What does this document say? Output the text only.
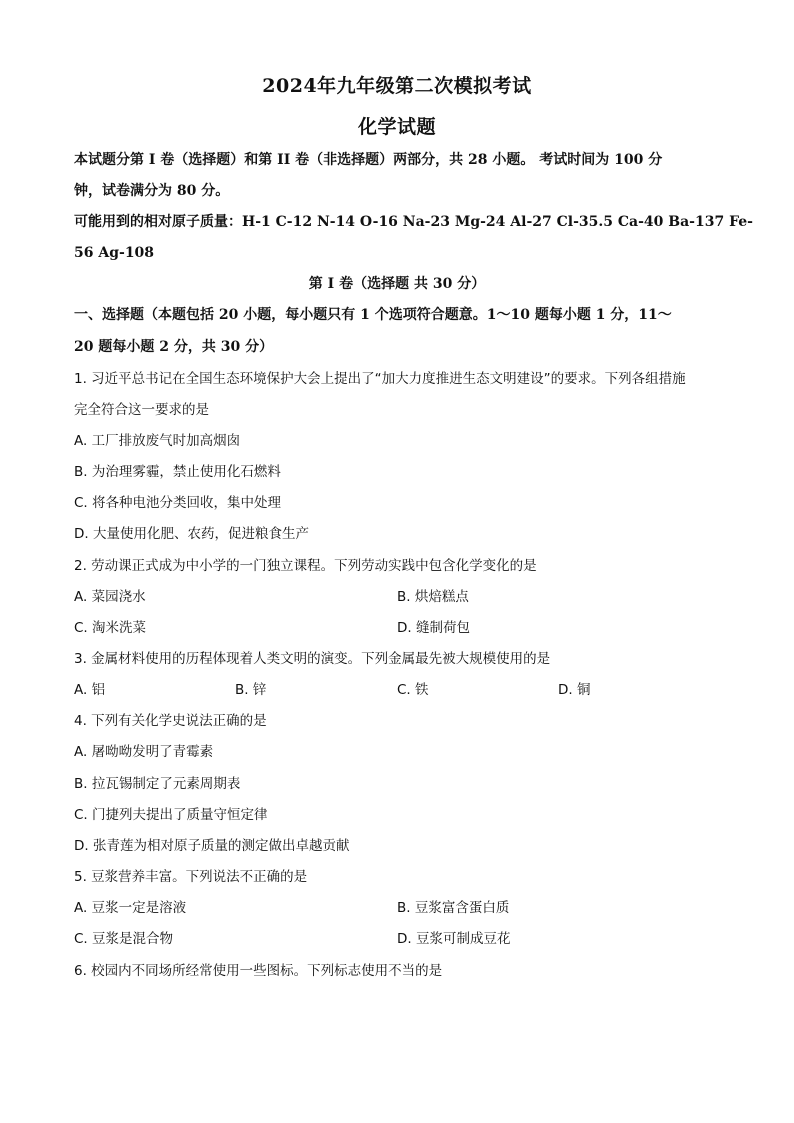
2024年九年级第二次模拟考试
化学试题
本试题分第 I 卷（选择题）和第 II 卷（非选择题）两部分，共 28 小题。 考试时间为 100 分
钟，试卷满分为 80 分。
可能用到的相对原子质量：H-1 C-12 N-14 O-16 Na-23 Mg-24 Al-27 Cl-35.5 Ca-40 Ba-137 Fe-
56 Ag-108
第 I 卷（选择题 共 30 分）
一、选择题（本题包括 20 小题，每小题只有 1 个选项符合题意。1～10 题每小题 1 分，11～
20 题每小题 2 分，共 30 分）
1. 习近平总书记在全国生态环境保护大会上提出了“加大力度推进生态文明建设”的要求。下列各组措施
完全符合这一要求的是
A. 工厂排放废气时加高烟囱
B. 为治理雾霾，禁止使用化石燃料
C. 将各种电池分类回收，集中处理
D. 大量使用化肥、农药，促进粮食生产
2. 劳动课正式成为中小学的一门独立课程。下列劳动实践中包含化学变化的是
A. 菜园浇水	B. 烘焙糕点
C. 淘米洗菜	D. 缝制荷包
3. 金属材料使用的历程体现着人类文明的演变。下列金属最先被大规模使用的是
A. 铝	B. 锌	C. 铁	D. 铜
4. 下列有关化学史说法正确的是
A. 屠呦呦发明了青霉素
B. 拉瓦锡制定了元素周期表
C. 门捷列夫提出了质量守恒定律
D. 张青莲为相对原子质量的测定做出卓越贡献
5. 豆浆营养丰富。下列说法不正确的是
A. 豆浆一定是溶液	B. 豆浆富含蛋白质
C. 豆浆是混合物	D. 豆浆可制成豆花
6. 校园内不同场所经常使用一些图标。下列标志使用不当的是
